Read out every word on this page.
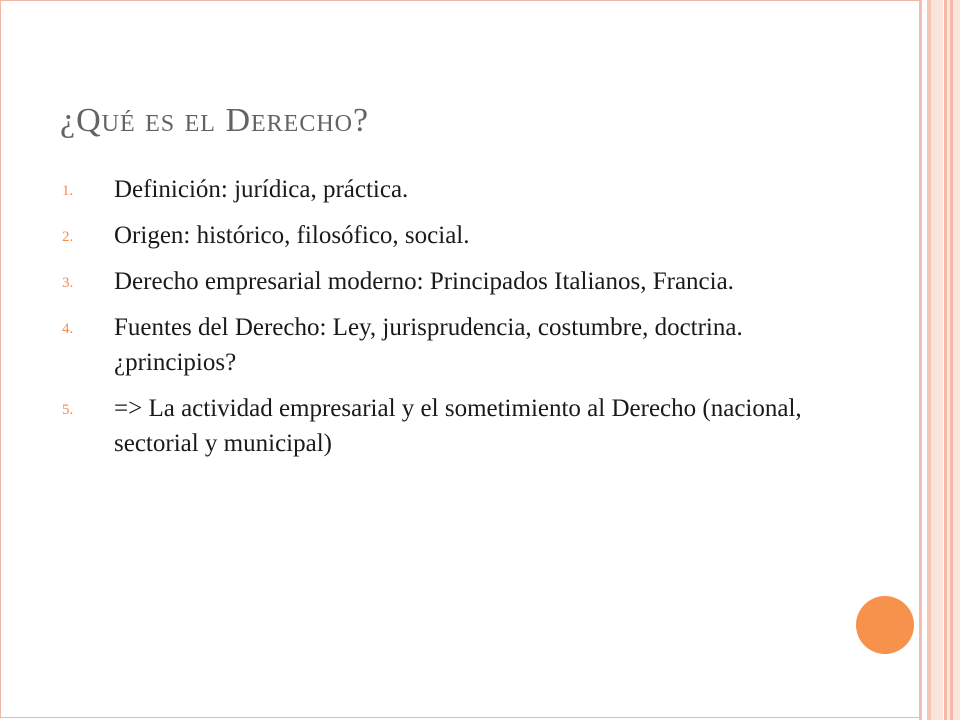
¿Qué es el Derecho?
1. Definición: jurídica, práctica.
2. Origen: histórico, filosófico, social.
3. Derecho empresarial moderno: Principados Italianos, Francia.
4. Fuentes del Derecho: Ley, jurisprudencia, costumbre, doctrina. ¿principios?
5. => La actividad empresarial y el sometimiento al Derecho (nacional, sectorial y municipal)
